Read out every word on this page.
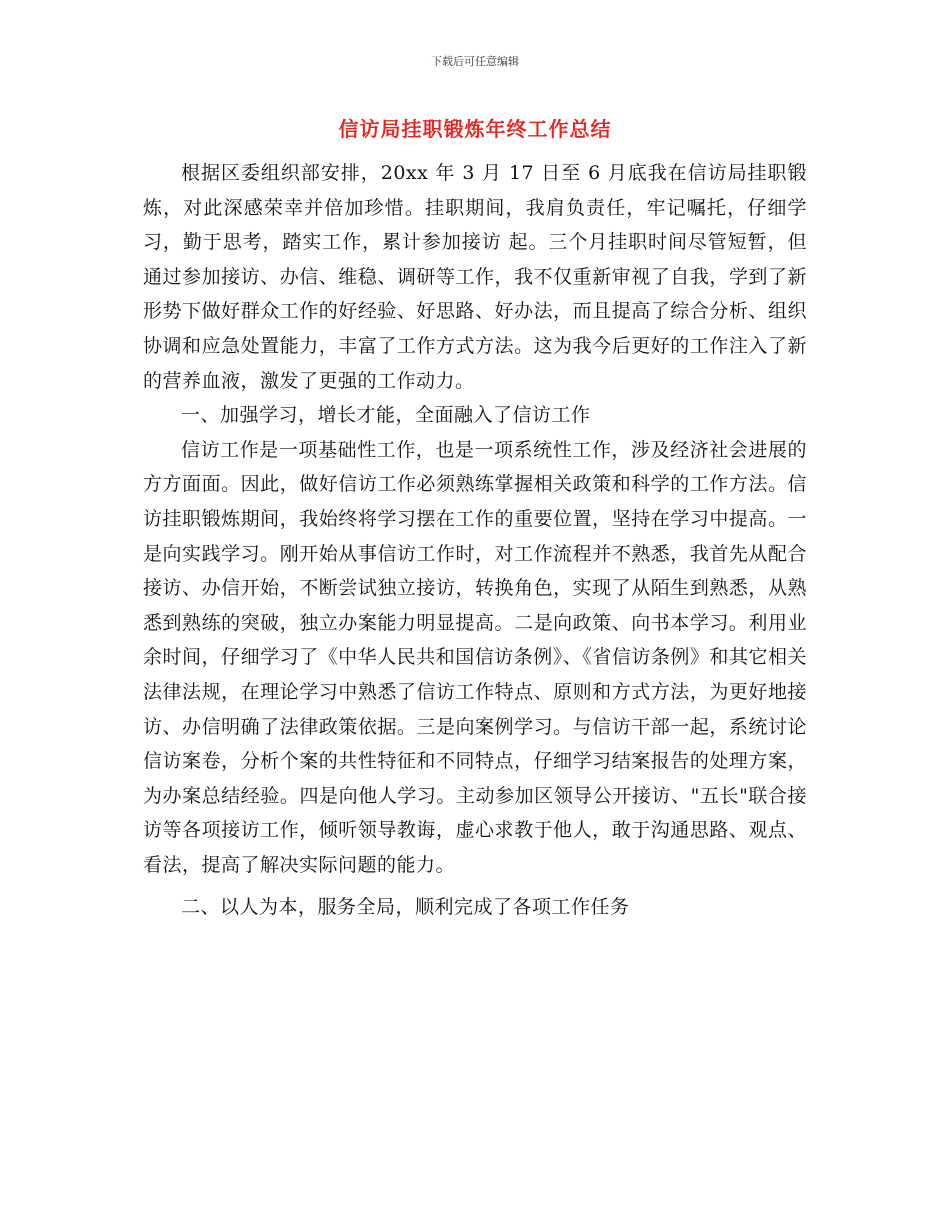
下载后可任意编辑
信访局挂职锻炼年终工作总结

根据区委组织部安排，20xx 年 3 月 17 日至 6 月底我在信访局挂职锻炼，对此深感荣幸并倍加珍惜。挂职期间，我肩负责任，牢记嘱托，仔细学习，勤于思考，踏实工作，累计参加接访 起。三个月挂职时间尽管短暂，但通过参加接访、办信、维稳、调研等工作，我不仅重新审视了自我，学到了新形势下做好群众工作的好经验、好思路、好办法，而且提高了综合分析、组织协调和应急处置能力，丰富了工作方式方法。这为我今后更好的工作注入了新的营养血液，激发了更强的工作动力。

一、加强学习，增长才能，全面融入了信访工作

信访工作是一项基础性工作，也是一项系统性工作，涉及经济社会进展的方方面面。因此，做好信访工作必须熟练掌握相关政策和科学的工作方法。信访挂职锻炼期间，我始终将学习摆在工作的重要位置，坚持在学习中提高。一是向实践学习。刚开始从事信访工作时，对工作流程并不熟悉，我首先从配合接访、办信开始，不断尝试独立接访，转换角色，实现了从陌生到熟悉，从熟悉到熟练的突破，独立办案能力明显提高。二是向政策、向书本学习。利用业余时间，仔细学习了《中华人民共和国信访条例》、《省信访条例》和其它相关法律法规，在理论学习中熟悉了信访工作特点、原则和方式方法，为更好地接访、办信明确了法律政策依据。三是向案例学习。与信访干部一起，系统讨论信访案卷，分析个案的共性特征和不同特点，仔细学习结案报告的处理方案，为办案总结经验。四是向他人学习。主动参加区领导公开接访、"五长"联合接访等各项接访工作，倾听领导教诲，虚心求教于他人，敢于沟通思路、观点、看法，提高了解决实际问题的能力。

二、以人为本，服务全局，顺利完成了各项工作任务
